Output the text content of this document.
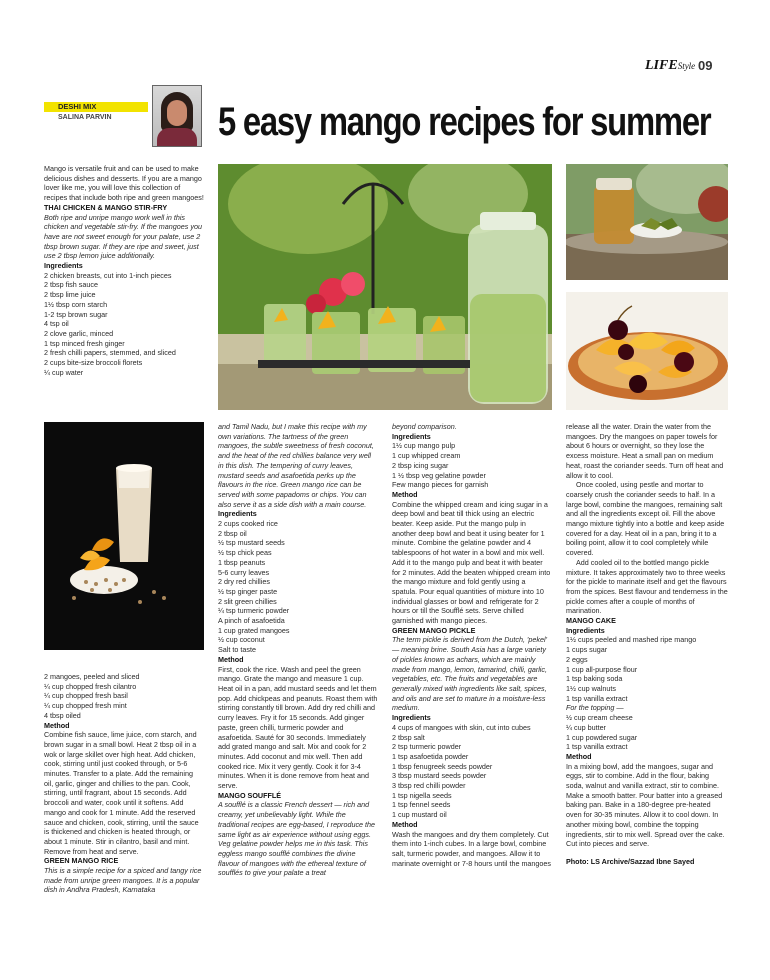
LIFEStyle 09
DESHI MIX
SALINA PARVIN	5 easy mango recipes for summer

Mango is versatile fruit and can be used to make delicious dishes and desserts. If you are a mango lover like me, you will love this collection of recipes that include both ripe and green mangoes!

THAI CHICKEN & MANGO STIR-FRY

Both ripe and unripe mango work well in this chicken and vegetable stir-fry. If the mangoes you have are not sweet enough for your palate, use 2 tbsp brown sugar. If they are ripe and sweet, just use 2 tbsp lemon juice additionally.

Ingredients

2 chicken breasts, cut into 1-inch pieces

2 tbsp fish sauce

2 tbsp lime juice

1½ tbsp corn starch

1-2 tsp brown sugar

4 tsp oil

2 clove garlic, minced

1 tsp minced fresh ginger

2 fresh chilli papers, stemmed, and sliced

2 cups bite-size broccoli florets

¼ cup water

2 mangoes, peeled and sliced

¼ cup chopped fresh cilantro

¼ cup chopped fresh basil

¼ cup chopped fresh mint

4 tbsp oiled

Method

Combine fish sauce, lime juice, corn starch, and brown sugar in a small bowl. Heat 2 tbsp oil in a wok or large skillet over high heat. Add chicken, cook, stirring until just cooked through, or 5-6 minutes. Transfer to a plate. Add the remaining oil, garlic, ginger and chillies to the pan. Cook, stirring, until fragrant, about 15 seconds. Add broccoli and water, cook until it softens. Add mango and cook for 1 minute. Add the reserved sauce and chicken, cook, stirring, until the sauce is thickened and chicken is heated through, or about 1 minute. Stir in cilantro, basil and mint. Remove from heat and serve.

GREEN MANGO RICE

This is a simple recipe for a spiced and tangy rice made from unripe green mangoes. It is a popular dish in Andhra Pradesh, Karnataka

and Tamil Nadu, but I make this recipe with my own variations. The tartness of the green mangoes, the subtle sweetness of fresh coconut, and the heat of the red chillies balance very well in this dish. The tempering of curry leaves, mustard seeds and asafoetida perks up the flavours in the rice. Green mango rice can be served with some papadoms or chips. You can also serve it as a side dish with a main course.

Ingredients

2 cups cooked rice

2 tbsp oil

½ tsp mustard seeds

½ tsp chick peas

1 tbsp peanuts

5-6 curry leaves

2 dry red chillies

½ tsp ginger paste

2 slit green chillies

¼ tsp turmeric powder

A pinch of asafoetida

1 cup grated mangoes

½ cup coconut

Salt to taste

Method

First, cook the rice. Wash and peel the green mango. Grate the mango and measure 1 cup. Heat oil in a pan, add mustard seeds and let them pop. Add chickpeas and peanuts. Roast them with stirring constantly till brown. Add dry red chilli and curry leaves. Fry it for 15 seconds. Add ginger paste, green chilli, turmeric powder and asafoetida. Sauté for 30 seconds. Immediately add grated mango and salt. Mix and cook for 2 minutes. Add coconut and mix well. Then add cooked rice. Mix it very gently. Cook it for 3-4 minutes. When it is done remove from heat and serve.

MANGO SOUFFLÉ

A soufflé is a classic French dessert — rich and creamy, yet unbelievably light. While the traditional recipes are egg-based, I reproduce the same light as air experience without using eggs. Veg gelatine powder helps me in this task. This eggless mango soufflé combines the divine flavour of mangoes with the ethereal texture of soufflés to give your palate a treat

beyond comparison.

Ingredients

1½ cup mango pulp

1 cup whipped cream

2 tbsp icing sugar

1 ½ tbsp veg gelatine powder

Few mango pieces for garnish

Method

Combine the whipped cream and icing sugar in a deep bowl and beat till thick using an electric beater. Keep aside. Put the mango pulp in another deep bowl and beat it using beater for 1 minute. Combine the gelatine powder and 4 tablespoons of hot water in a bowl and mix well. Add it to the mango pulp and beat it with beater for 2 minutes. Add the beaten whipped cream into the mango mixture and fold gently using a spatula. Pour equal quantities of mixture into 10 individual glasses or bowl and refrigerate for 2 hours or till the Soufflé sets. Serve chilled garnished with mango pieces.

GREEN MANGO PICKLE

The term pickle is derived from the Dutch, 'pekel' — meaning brine. South Asia has a large variety of pickles known as achars, which are mainly made from mango, lemon, tamarind, chilli, garlic, vegetables, etc. The fruits and vegetables are generally mixed with ingredients like salt, spices, and oils and are set to mature in a moisture-less medium.

Ingredients

4 cups of mangoes with skin, cut into cubes

2 tbsp salt

2 tsp turmeric powder

1 tsp asafoetida powder

1 tbsp fenugreek seeds powder

3 tbsp mustard seeds powder

3 tbsp red chilli powder

1 tsp nigella seeds

1 tsp fennel seeds

1 cup mustard oil

Method

Wash the mangoes and dry them completely. Cut them into 1-inch cubes. In a large bowl, combine salt, turmeric powder, and mangoes. Allow it to marinate overnight or 7-8 hours until the mangoes

release all the water. Drain the water from the mangoes. Dry the mangoes on paper towels for about 6 hours or overnight, so they lose the excess moisture. Heat a small pan on medium heat, roast the coriander seeds. Turn off heat and allow it to cool.

Once cooled, using pestle and mortar to coarsely crush the coriander seeds to half. In a large bowl, combine the mangoes, remaining salt and all the ingredients except oil. Fill the above mango mixture tightly into a bottle and keep aside covered for a day. Heat oil in a pan, bring it to a boiling point, allow it to cool completely while covered.

Add cooled oil to the bottled mango pickle mixture. It takes approximately two to three weeks for the pickle to marinate itself and get the flavours from the spices. Best flavour and tenderness in the pickle comes after a couple of months of marination.

MANGO CAKE

Ingredients

1½ cups peeled and mashed ripe mango

1 cups sugar

2 eggs

1 cup all-purpose flour

1 tsp baking soda

1½ cup walnuts

1 tsp vanilla extract

For the topping —

½ cup cream cheese

¼ cup butter

1 cup powdered sugar

1 tsp vanilla extract

Method

In a mixing bowl, add the mangoes, sugar and eggs, stir to combine. Add in the flour, baking soda, walnut and vanilla extract, stir to combine. Make a smooth batter. Pour batter into a greased baking pan. Bake in a 180-degree pre-heated oven for 30-35 minutes. Allow it to cool down. In another mixing bowl, combine the topping ingredients, stir to mix well. Spread over the cake. Cut into pieces and serve.

Photo: LS Archive/Sazzad Ibne Sayed
